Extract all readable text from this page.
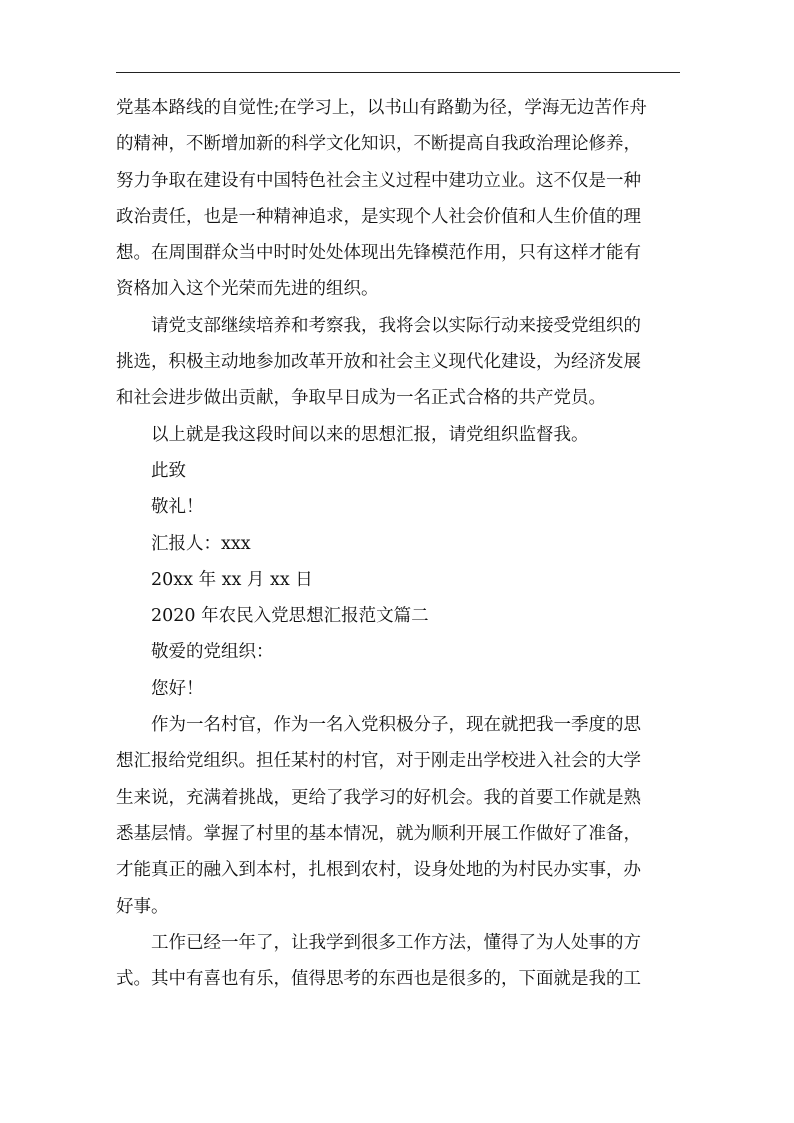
党基本路线的自觉性;在学习上，以书山有路勤为径，学海无边苦作舟
的精神，不断增加新的科学文化知识，不断提高自我政治理论修养，
努力争取在建设有中国特色社会主义过程中建功立业。这不仅是一种
政治责任，也是一种精神追求，是实现个人社会价值和人生价值的理
想。在周围群众当中时时处处体现出先锋模范作用，只有这样才能有
资格加入这个光荣而先进的组织。
请党支部继续培养和考察我，我将会以实际行动来接受党组织的
挑选，积极主动地参加改革开放和社会主义现代化建设，为经济发展
和社会进步做出贡献，争取早日成为一名正式合格的共产党员。
以上就是我这段时间以来的思想汇报，请党组织监督我。
此致
敬礼！
汇报人：xxx
20xx 年 xx 月 xx 日
2020 年农民入党思想汇报范文篇二
敬爱的党组织：
您好！
作为一名村官，作为一名入党积极分子，现在就把我一季度的思
想汇报给党组织。担任某村的村官，对于刚走出学校进入社会的大学
生来说，充满着挑战，更给了我学习的好机会。我的首要工作就是熟
悉基层情。掌握了村里的基本情况，就为顺利开展工作做好了准备，
才能真正的融入到本村，扎根到农村，设身处地的为村民办实事，办
好事。
工作已经一年了，让我学到很多工作方法，懂得了为人处事的方
式。其中有喜也有乐，值得思考的东西也是很多的，下面就是我的工
